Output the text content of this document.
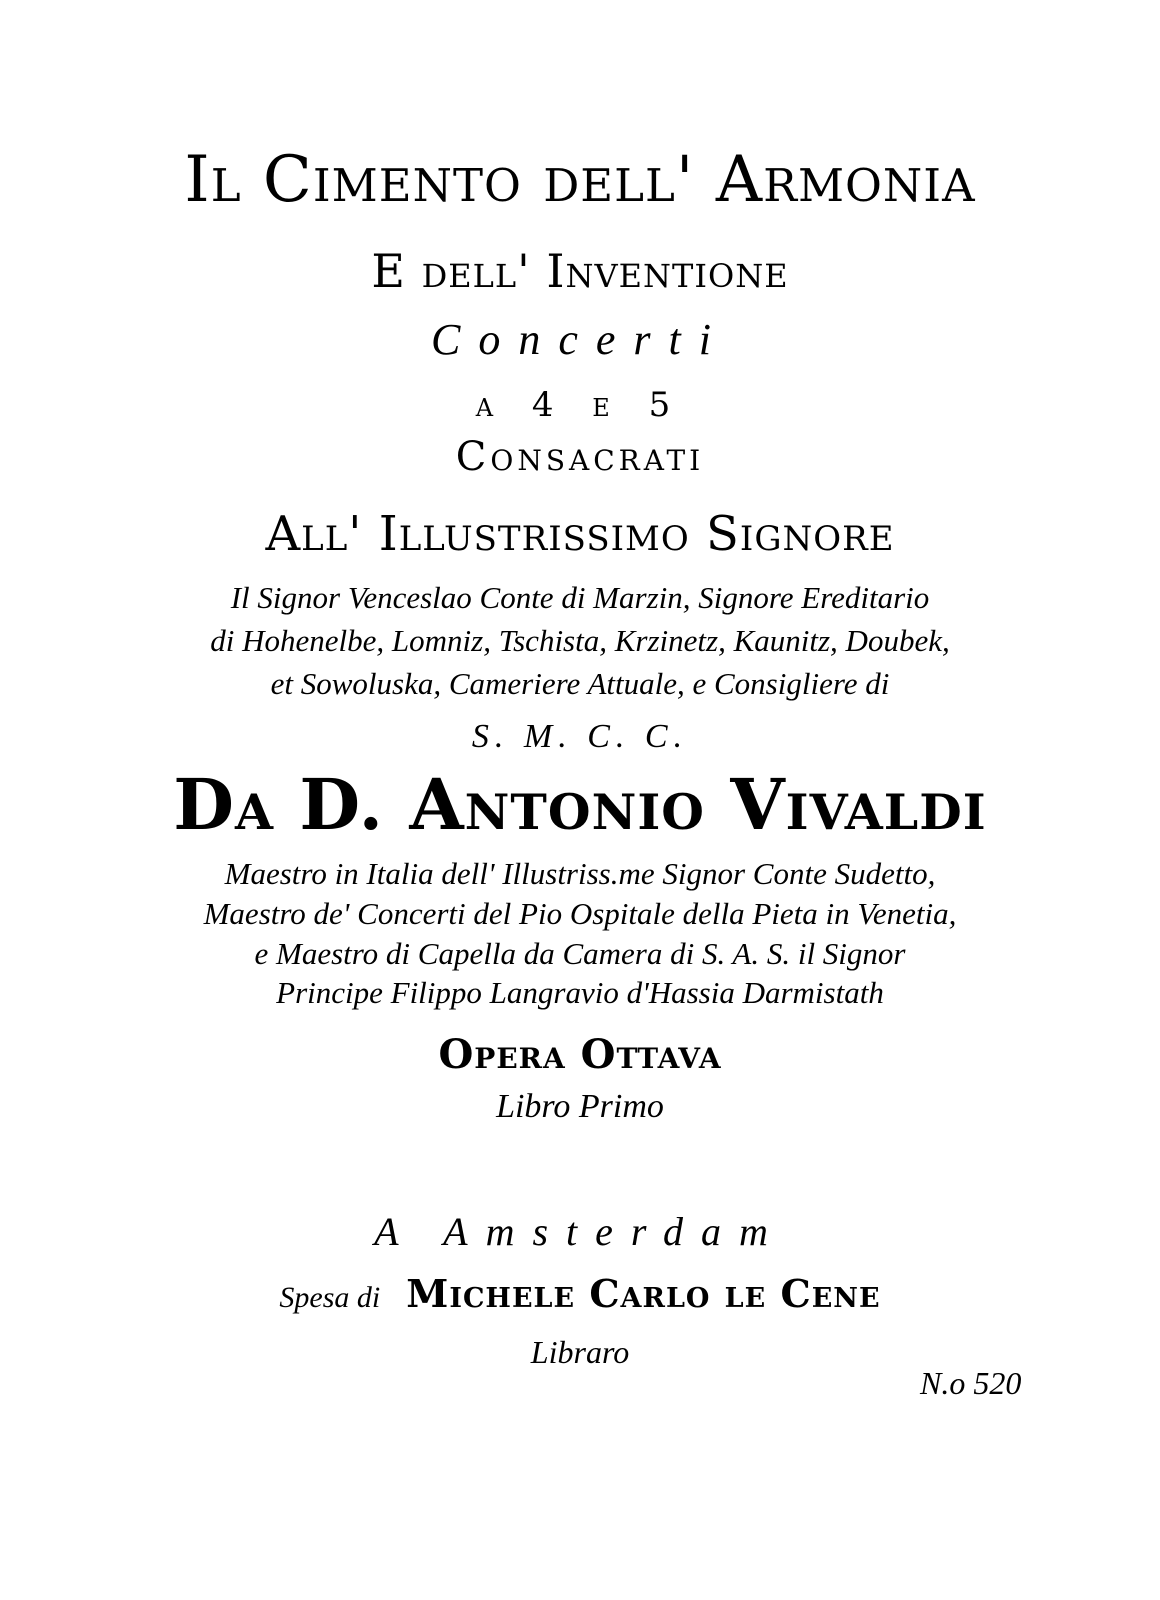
Il Cimento dell' Armonia
E dell' Inventione
Concerti
a 4 e 5
Consacrati
All' Illustrissimo Signore
Il Signor Venceslao Conte di Marzin, Signore Ereditario
di Hohenelbe, Lomniz, Tschista, Krzinetz, Kaunitz, Doubek,
et Sowoluska, Cameriere Attuale, e Consigliere di
S. M. C. C.
Da D. Antonio Vivaldi
Maestro in Italia dell' Illustriss.me Signor Conte Sudetto,
Maestro de' Concerti del Pio Ospitale della Pieta in Venetia,
e Maestro di Capella da Camera di S. A. S. il Signor
Principe Filippo Langravio d'Hassia Darmistath
Opera Ottava
Libro Primo
A Amsterdam
Spesa di Michele Carlo le Cene
Libraro
N.o 520
